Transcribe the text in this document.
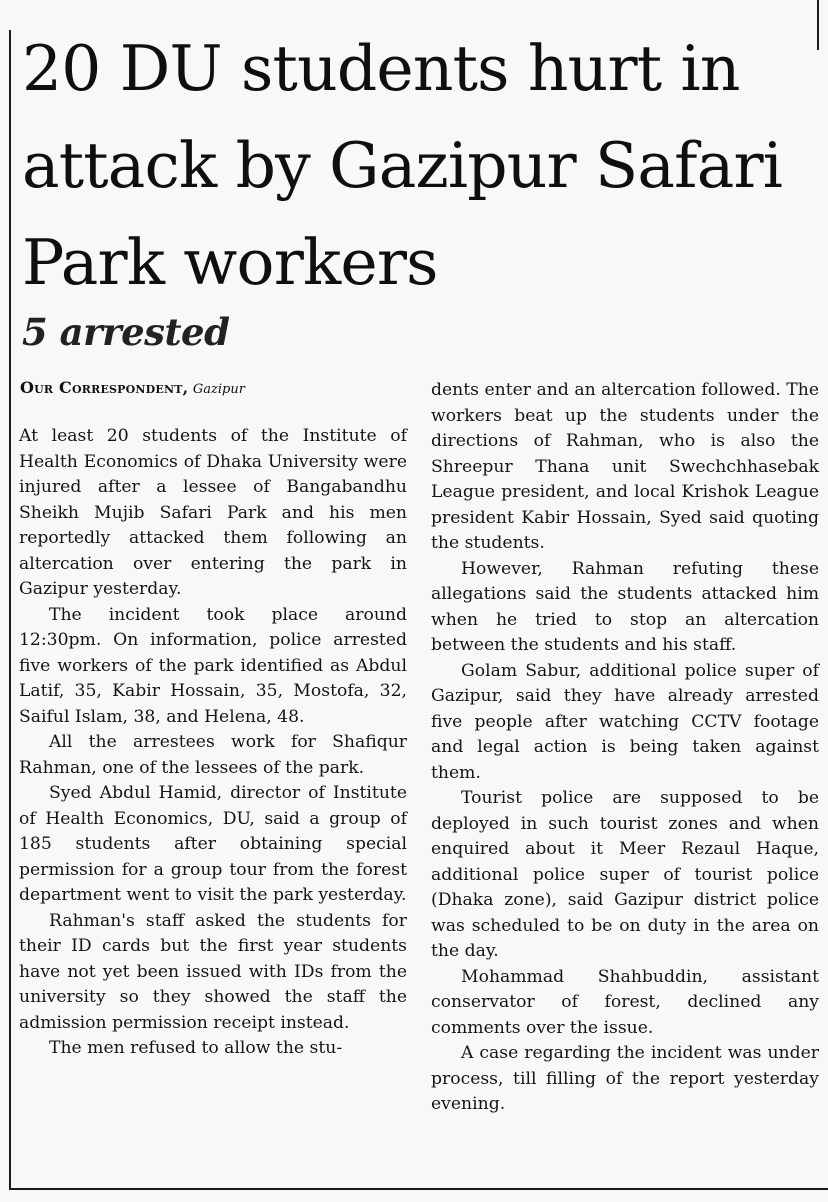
20 DU students hurt in attack by Gazipur Safari Park workers
5 arrested
Our Correspondent, Gazipur

At least 20 students of the Institute of Health Economics of Dhaka University were injured after a lessee of Bangabandhu Sheikh Mujib Safari Park and his men reportedly attacked them following an altercation over entering the park in Gazipur yesterday.

The incident took place around 12:30pm. On information, police arrested five workers of the park identified as Abdul Latif, 35, Kabir Hossain, 35, Mostofa, 32, Saiful Islam, 38, and Helena, 48.

All the arrestees work for Shafiqur Rahman, one of the lessees of the park.

Syed Abdul Hamid, director of Institute of Health Economics, DU, said a group of 185 students after obtaining special permission for a group tour from the forest department went to visit the park yesterday.

Rahman's staff asked the students for their ID cards but the first year students have not yet been issued with IDs from the university so they showed the staff the admission permission receipt instead.

The men refused to allow the stu-

dents enter and an altercation followed. The workers beat up the students under the directions of Rahman, who is also the Shreepur Thana unit Swechchhasebak League president, and local Krishok League president Kabir Hossain, Syed said quoting the students.

However, Rahman refuting these allegations said the students attacked him when he tried to stop an altercation between the students and his staff.

Golam Sabur, additional police super of Gazipur, said they have already arrested five people after watching CCTV footage and legal action is being taken against them.

Tourist police are supposed to be deployed in such tourist zones and when enquired about it Meer Rezaul Haque, additional police super of tourist police (Dhaka zone), said Gazipur district police was scheduled to be on duty in the area on the day.

Mohammad Shahbuddin, assistant conservator of forest, declined any comments over the issue.

A case regarding the incident was under process, till filling of the report yesterday evening.
